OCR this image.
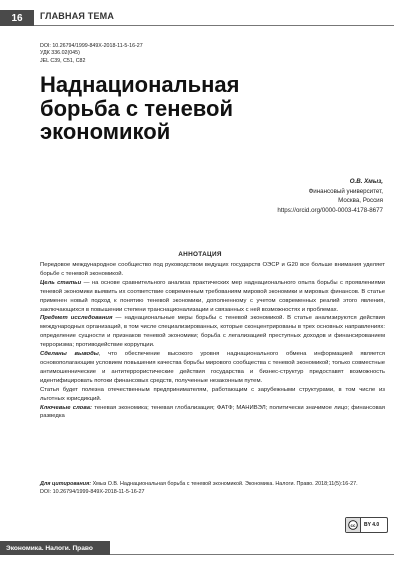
16	ГЛАВНАЯ ТЕМА
DOI: 10.26794/1999-849X-2018-11-5-16-27
УДК 336.02(045)
JEL C39, C51, C82
Наднациональная
борьба с теневой
экономикой
О.В. Хмыз,
Финансовый университет,
Москва, Россия
https://orcid.org/0000-0003-4178-8677
АННОТАЦИЯ

Передовое международное сообщество под руководством ведущих государств ОЭСР и G20 все больше внимания уделяет борьбе с теневой экономикой.

Цель статьи — на основе сравнительного анализа практических мер наднационального опыта борьбы с проявлениями теневой экономики выявить их соответствие современным требованиям мировой экономики и мировых финансов. В статье применен новый подход к понятию теневой экономики, дополненному с учетом современных реалий этого явления, заключающихся в повышении степени транснационализации и связанных с ней возможностях и проблемах.

Предмет исследования — наднациональные меры борьбы с теневой экономикой. В статье анализируются действия международных организаций, в том числе специализированных, которые сконцентрированы в трех основных направлениях: определение сущности и признаков теневой экономики; борьба с легализацией преступных доходов и финансированием терроризма; противодействие коррупции.

Сделаны выводы, что обеспечение высокого уровня наднационального обмена информацией является основополагающим условием повышения качества борьбы мирового сообщества с теневой экономикой; только совместные антимошеннические и антитеррористические действия государства и бизнес-структур предоставят возможность идентифицировать потоки финансовых средств, полученные незаконным путем.

Статья будет полезна отечественным предпринимателям, работающим с зарубежными структурами, в том числе из льготных юрисдикций.

Ключевые слова: теневая экономика; теневая глобализация; ФАТФ; МАНИВЭЛ; политически значимое лицо; финансовая разведка

Для цитирования: Хмыз О.В. Наднациональная борьба с теневой экономикой. Экономика. Налоги. Право. 2018;11(5):16-27.
DOI: 10.26794/1999-849X-2018-11-5-16-27
cc	BY 4.0
Экономика. Налоги. Право
